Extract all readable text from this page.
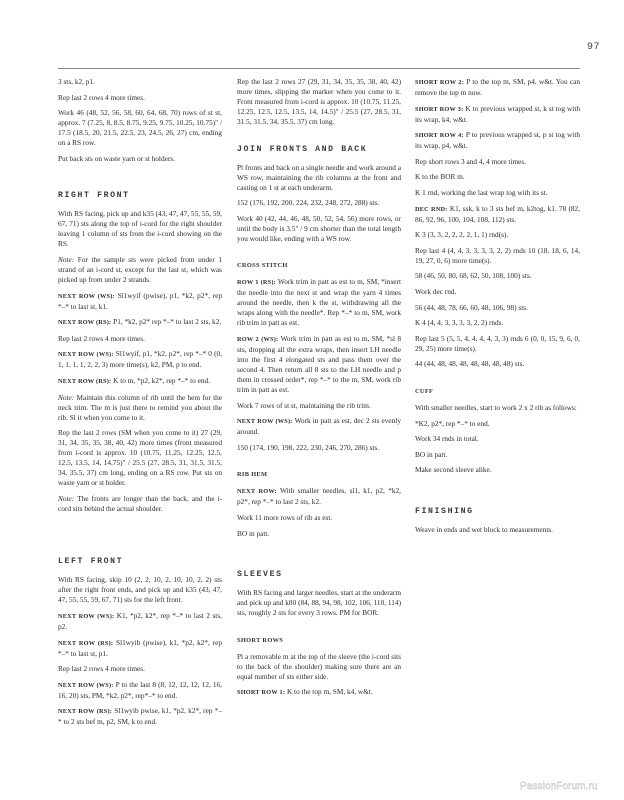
97

3 sts, k2, p1.

Rep last 2 rows 4 more times.

Work 46 (48, 52, 56, 58, 60, 64, 68, 70) rows of st st, approx. 7 (7.25, 8, 8.5, 8.75, 9.25, 9.75, 10.25, 10.75)" / 17.5 (18.5, 20, 21.5, 22.5, 23, 24.5, 26, 27) cm, ending on a RS row.

Put back sts on waste yarn or st holders.

RIGHT FRONT

With RS facing, pick up and k35 (43, 47, 47, 55, 55, 59, 67, 71) sts along the top of i-cord for the right shoulder leaving 1 column of sts from the i-cord showing on the RS.

Note: For the sample sts were picked from under 1 strand of an i-cord st, except for the last st, which was picked up from under 2 strands.

NEXT ROW (WS): Sl1wyif (pwise), p1, *k2, p2*, rep *–* to last st, k1.

NEXT ROW (RS): P1, *k2, p2* rep *–* to last 2 sts, k2.

Rep last 2 rows 4 more times.

NEXT ROW (WS): Sl1wyif, p1, *k2, p2*, rep *–* 0 (0, 1, 1, 1, 1, 2, 2, 3) more time(s), k2, PM, p to end.

NEXT ROW (RS): K to m, *p2, k2*, rep *–* to end.

Note: Maintain this column of rib until the hem for the neck trim. The m is just there to remind you about the rib. Sl it when you come to it.

Rep the last 2 rows (SM when you come to it) 27 (29, 31, 34, 35, 35, 38, 40, 42) more times (front measured from i-cord is approx. 10 (10.75, 11.25, 12.25, 12.5, 12.5, 13.5, 14, 14.75)" / 25.5 (27, 28.5, 31, 31.5, 31.5, 34, 35.5, 37) cm long, ending on a RS row. Put sts on waste yarn or st holder.

Note: The fronts are longer than the back, and the i-cord sits behind the actual shoulder.

LEFT FRONT

With RS facing, skip 10 (2, 2, 10, 2, 10, 10, 2, 2) sts after the right front ends, and pick up and k35 (43, 47, 47, 55, 55, 59, 67, 71) sts for the left front.

NEXT ROW (WS): K1, *p2, k2*, rep *–* to last 2 sts, p2.

NEXT ROW (RS): Sl1wyib (pwise), k1, *p2, k2*, rep *–* to last st, p1.

Rep last 2 rows 4 more times.

NEXT ROW (WS): P to the last 8 (8, 12, 12, 12, 12, 16, 16, 20) sts, PM, *k2, p2*, rep*–* to end.

NEXT ROW (RS): Sl1wyib pwise, k1, *p2, k2*, rep *–* to 2 sts bef m, p2, SM, k to end.

Rep the last 2 rows 27 (29, 31, 34, 35, 35, 38, 40, 42) more times, slipping the marker when you come to it. Front measured from i-cord is approx. 10 (10.75, 11.25, 12.25, 12.5, 12.5, 13.5, 14, 14.5)" / 25.5 (27, 28.5, 31, 31.5, 31.5, 34, 35.5, 37) cm long.

JOIN FRONTS AND BACK

Pl fronts and back on a single needle and work around a WS row, maintaining the rib columns at the front and casting on 1 st at each underarm.

152 (176, 192, 200, 224, 232, 248, 272, 288) sts.

Work 40 (42, 44, 46, 48, 50, 52, 54, 56) more rows, or until the body is 3.5" / 9 cm shorter than the total length you would like, ending with a WS row.

CROSS STITCH

ROW 1 (RS): Work trim in patt as est to m, SM, *insert the needle into the next st and wrap the yarn 4 times around the needle, then k the st, withdrawing all the wraps along with the needle*. Rep *–* to m, SM, work rib trim in patt as est.

ROW 2 (WS): Work trim in patt as est to m, SM, *sl 8 sts, dropping all the extra wraps, then insert LH needle into the first 4 elongated sts and pass them over the second 4. Then return all 8 sts to the LH needle and p them in crossed order*, rep *–* to the m, SM, work rib trim in patt as est.

Work 7 rows of st st, maintaining the rib trim.

NEXT ROW (WS): Work in patt as est, dec 2 sts evenly around.

150 (174, 190, 198, 222, 230, 246, 270, 286) sts.

RIB HEM

NEXT ROW: With smaller needles, sl1, k1, p2, *k2, p2*, rep *–* to last 2 sts, k2.

Work 11 more rows of rib as est.

BO in patt.

SLEEVES

With RS facing and larger needles, start at the underarm and pick up and k80 (84, 88, 94, 98, 102, 106, 110, 114) sts, roughly 2 sts for every 3 rows. PM for BOR.

SHORT ROWS

Pl a removable m at the top of the sleeve (the i-cord sits to the back of the shoulder) making sure there are an equal number of sts either side.

SHORT ROW 1: K to the top m, SM, k4, w&t.

SHORT ROW 2: P to the top m, SM, p4, w&t. You can remove the top m now.

SHORT ROW 3: K to previous wrapped st, k st tog with its wrap, k4, w&t.

SHORT ROW 4: P to previous wrapped st, p st tog with its wrap, p4, w&t.

Rep short rows 3 and 4, 4 more times.

K to the BOR m.

K 1 rnd, working the last wrap tog with its st.

DEC RND: K1, ssk, k to 3 sts bef m, k2tog, k1. 78 (82, 86, 92, 96, 100, 104, 108, 112) sts.

K 3 (3, 3, 2, 2, 2, 2, 1, 1) rnd(s).

Rep last 4 (4, 4, 3, 3, 3, 3, 2, 2) rnds 10 (18, 18, 6, 14, 19, 27, 0, 6) more time(s).

58 (46, 50, 80, 68, 62, 50, 108, 100) sts.

Work dec rnd.

56 (44, 48, 78, 66, 60, 48, 106, 98) sts.

K 4 (4, 4, 3, 3, 3, 3, 2, 2) rnds.

Rep last 5 (5, 5, 4, 4, 4, 4, 3, 3) rnds 6 (0, 0, 15, 9, 6, 0, 29, 25) more time(s).

44 (44, 48, 48, 48, 48, 48, 48, 48) sts.

CUFF

With smaller needles, start to work 2 x 2 rib as follows:

*K2, p2*, rep *–* to end.

Work 34 rnds in total.

BO in patt.

Make second sleeve alike.

FINISHING

Weave in ends and wet block to measurements.

PassionForum.ru
